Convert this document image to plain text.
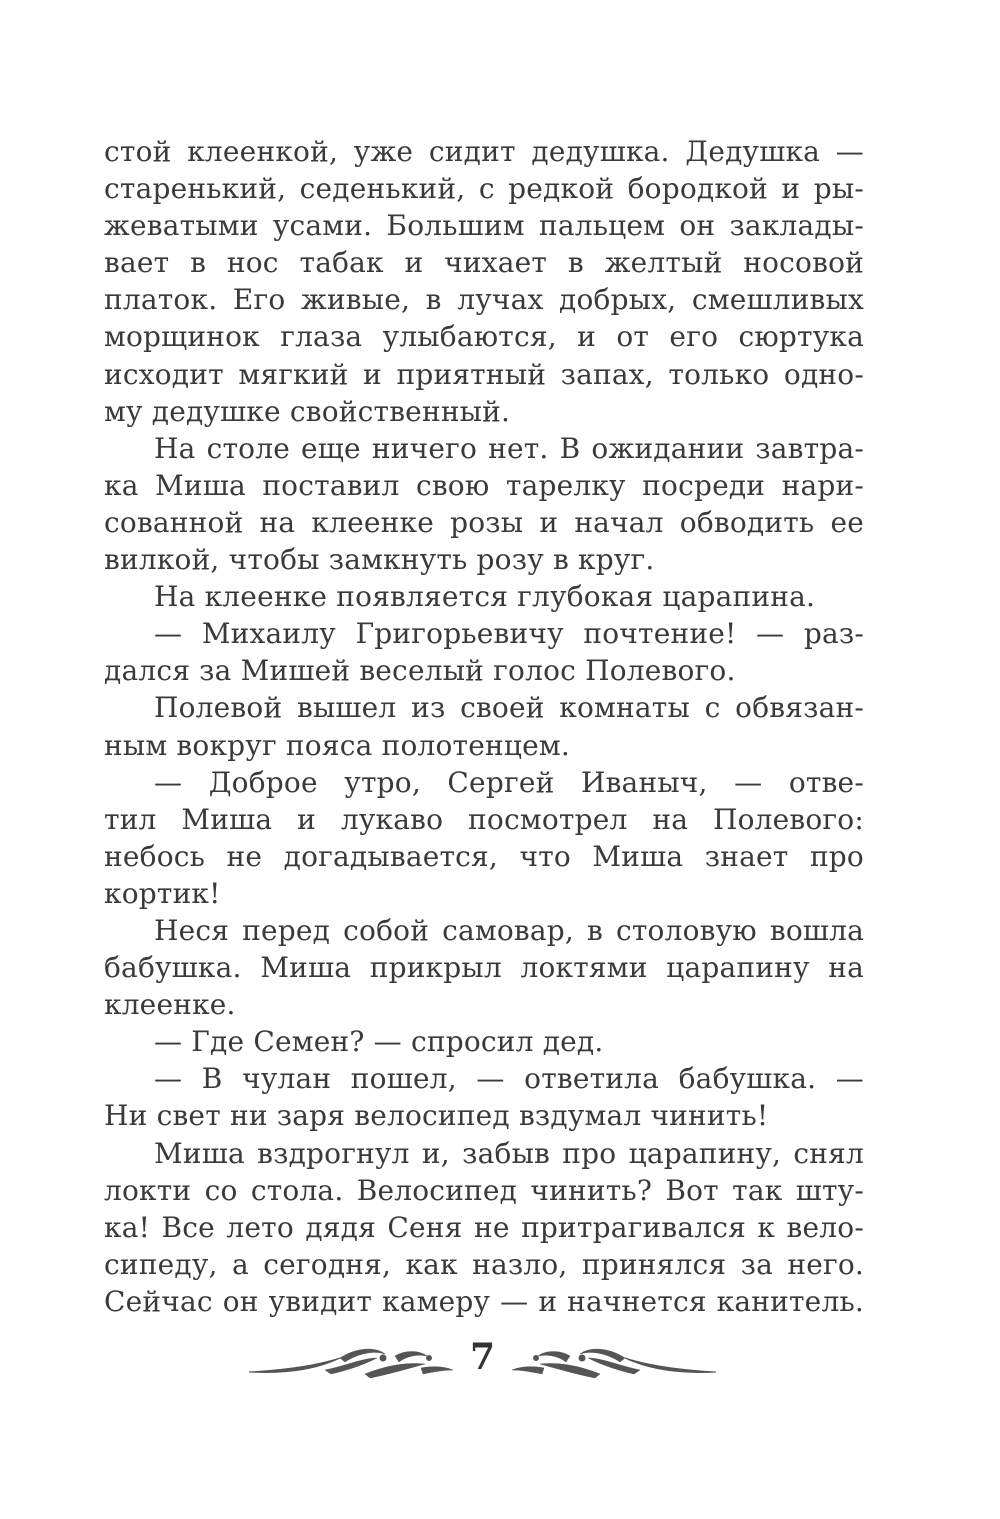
стой клеенкой, уже сидит дедушка. Дедушка —
старенький, седенький, с редкой бородкой и ры-
жеватыми усами. Большим пальцем он заклады-
вает в нос табак и чихает в желтый носовой
платок. Его живые, в лучах добрых, смешливых
морщинок глаза улыбаются, и от его сюртука
исходит мягкий и приятный запах, только одно-
му дедушке свойственный.
На столе еще ничего нет. В ожидании завтра-
ка Миша поставил свою тарелку посреди нари-
сованной на клеенке розы и начал обводить ее
вилкой, чтобы замкнуть розу в круг.
На клеенке появляется глубокая царапина.
— Михаилу Григорьевичу почтение! — раз-
дался за Мишей веселый голос Полевого.
Полевой вышел из своей комнаты с обвязан-
ным вокруг пояса полотенцем.
— Доброе утро, Сергей Иваныч, — отве-
тил Миша и лукаво посмотрел на Полевого:
небось не догадывается, что Миша знает про
кортик!
Неся перед собой самовар, в столовую вошла
бабушка. Миша прикрыл локтями царапину на
клеенке.
— Где Семен? — спросил дед.
— В чулан пошел, — ответила бабушка. —
Ни свет ни заря велосипед вздумал чинить!
Миша вздрогнул и, забыв про царапину, снял
локти со стола. Велосипед чинить? Вот так шту-
ка! Все лето дядя Сеня не притрагивался к вело-
сипеду, а сегодня, как назло, принялся за него.
Сейчас он увидит камеру — и начнется канитель.
7
